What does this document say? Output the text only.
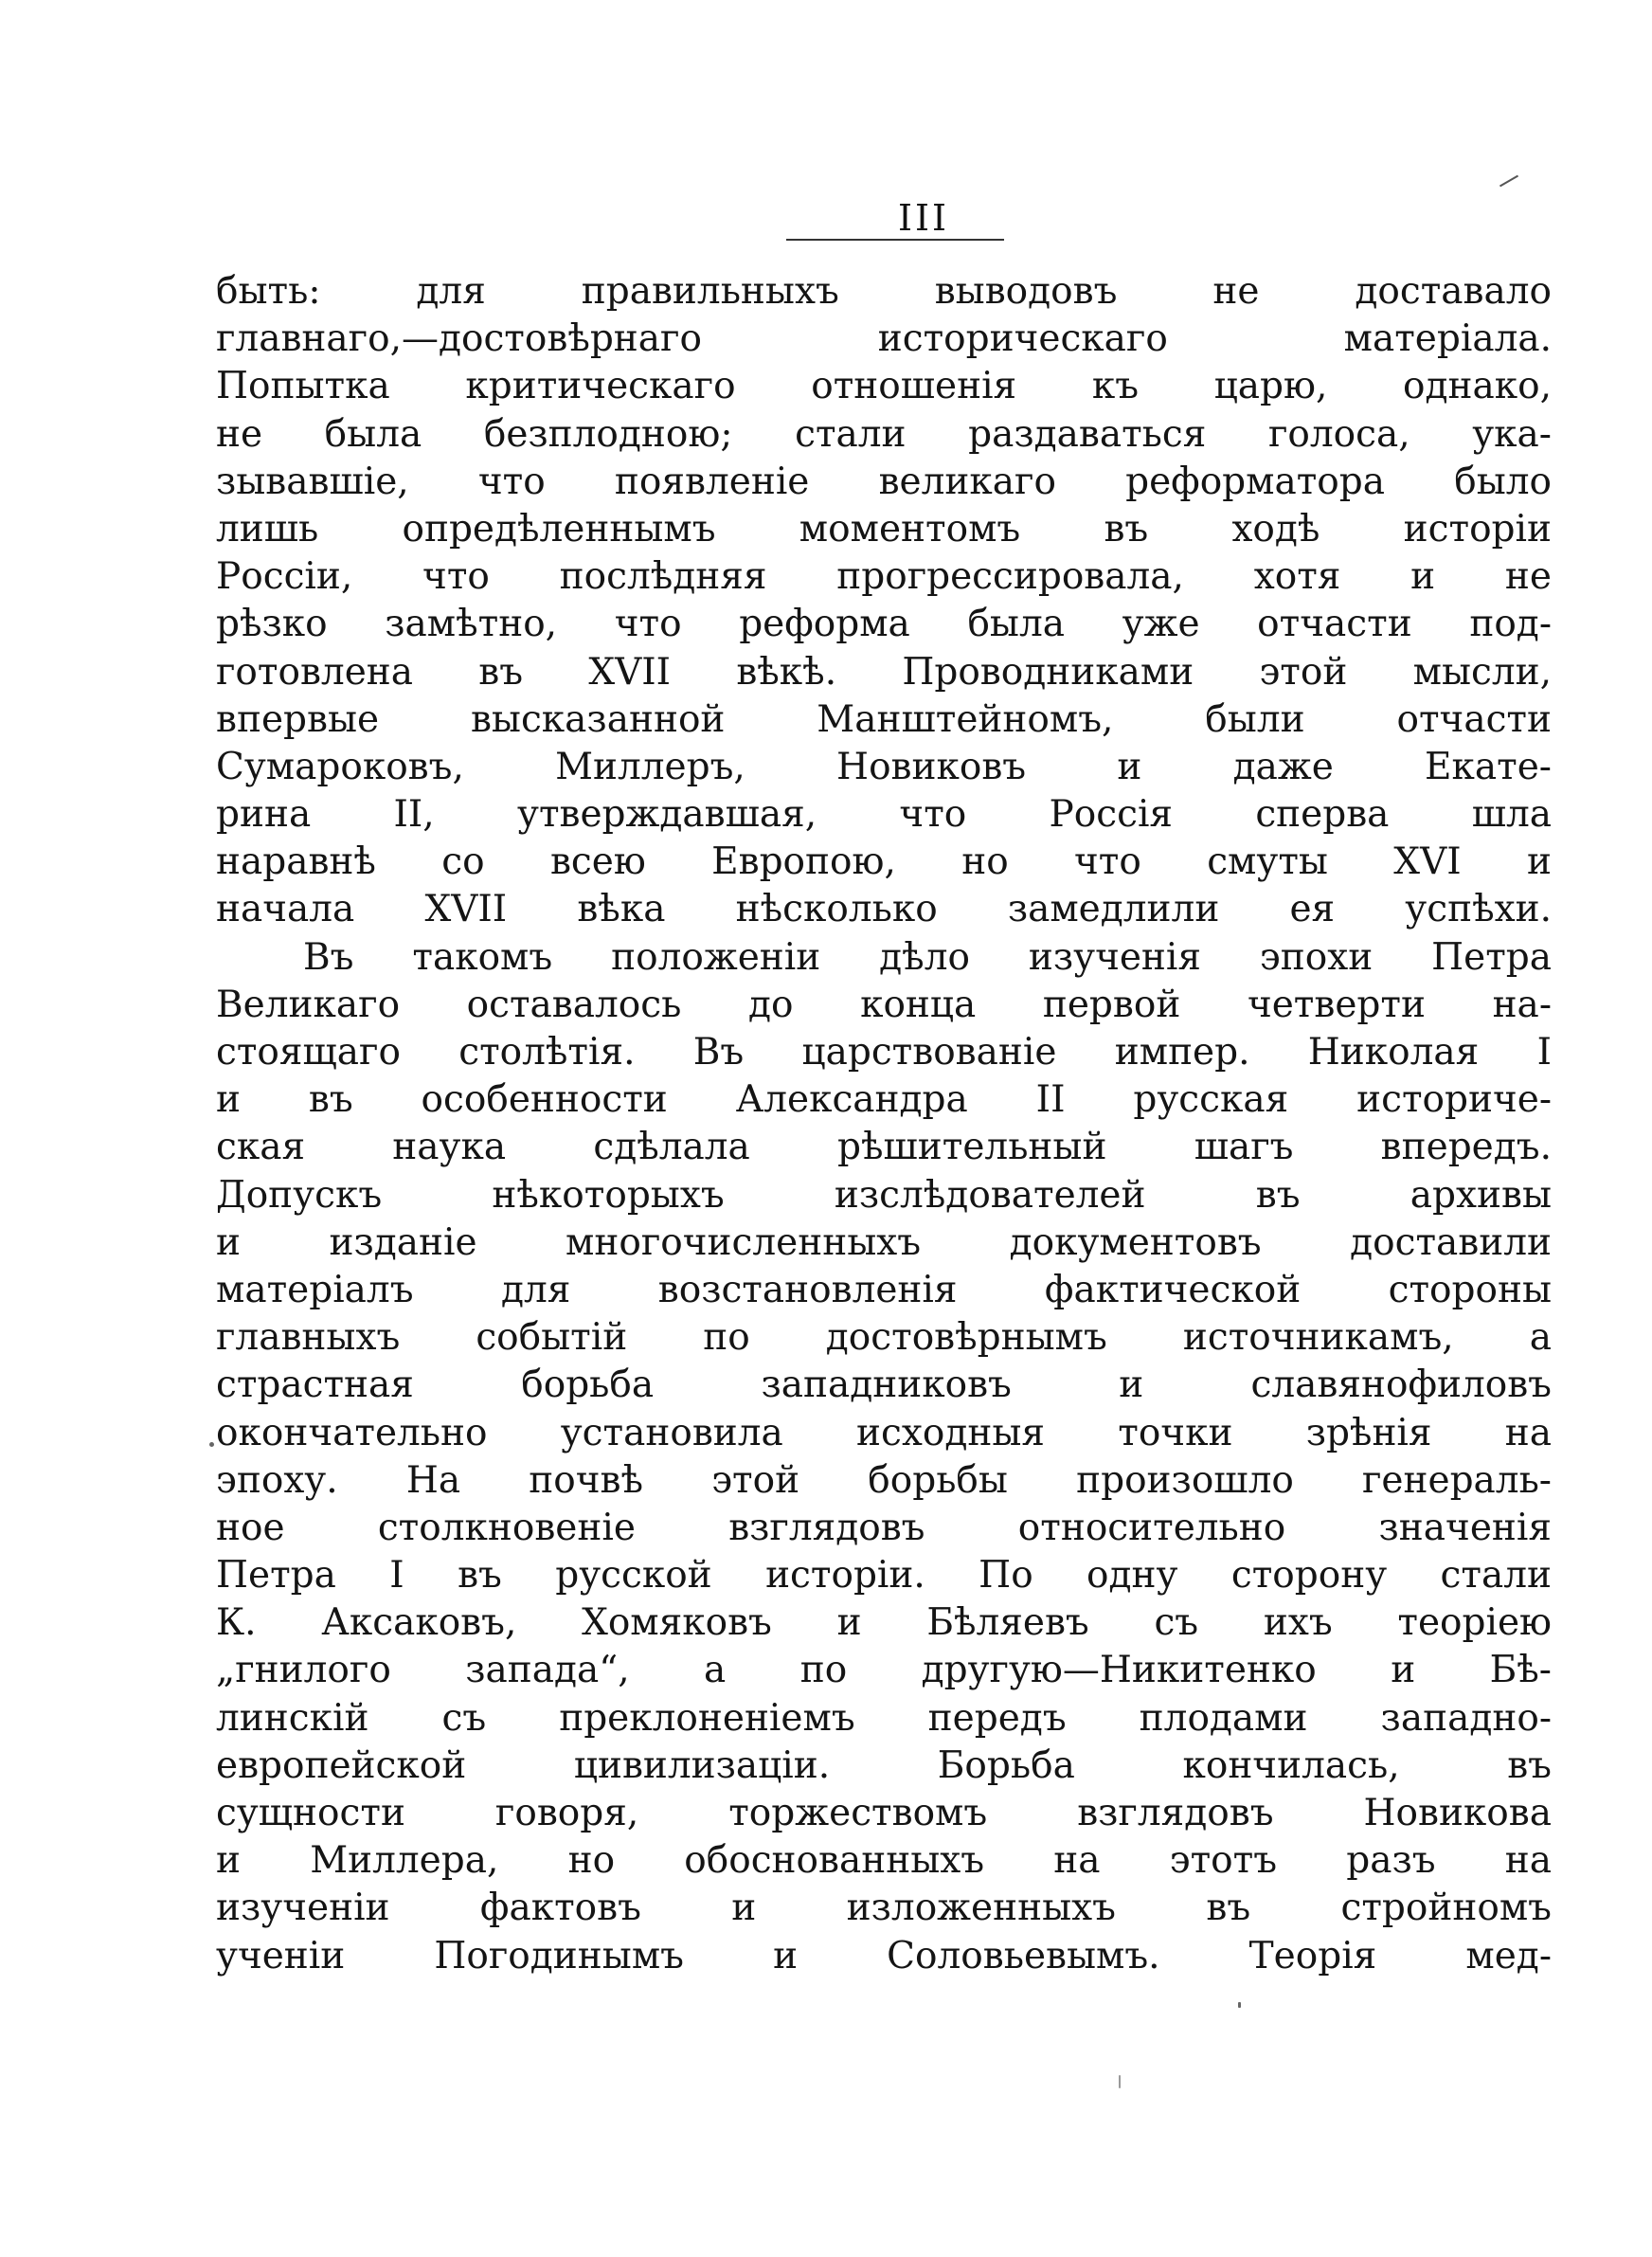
III
быть: для правильныхъ выводовъ не доставало
главнаго,—достовѣрнаго историческаго матеріала.
Попытка критическаго отношенія къ царю, однако,
не была безплодною; стали раздаваться голоса, ука-
зывавшіе, что появленіе великаго реформатора было
лишь опредѣленнымъ моментомъ въ ходѣ исторіи
Россіи, что послѣдняя прогрессировала, хотя и не
рѣзко замѣтно, что реформа была уже отчасти под-
готовлена въ XVII вѣкѣ. Проводниками этой мысли,
впервые высказанной Манштейномъ, были отчасти
Сумароковъ, Миллеръ, Новиковъ и даже Екате-
рина II, утверждавшая, что Россія сперва шла
наравнѣ со всею Европою, но что смуты XVI и
начала XVII вѣка нѣсколько замедлили ея успѣхи.
Въ такомъ положеніи дѣло изученія эпохи Петра
Великаго оставалось до конца первой четверти на-
стоящаго столѣтія. Въ царствованіе импер. Николая I
и въ особенности Александра II русская историче-
ская наука сдѣлала рѣшительный шагъ впередъ.
Допускъ нѣкоторыхъ изслѣдователей въ архивы
и изданіе многочисленныхъ документовъ доставили
матеріалъ для возстановленія фактической стороны
главныхъ событій по достовѣрнымъ источникамъ, а
страстная борьба западниковъ и славянофиловъ
окончательно установила исходныя точки зрѣнія на
эпоху. На почвѣ этой борьбы произошло генераль-
ное столкновеніе взглядовъ относительно значенія
Петра I въ русской исторіи. По одну сторону стали
К. Аксаковъ, Хомяковъ и Бѣляевъ съ ихъ теоріею
„гнилого запада“, а по другую—Никитенко и Бѣ-
линскій съ преклоненіемъ передъ плодами западно-
европейской цивилизаціи. Борьба кончилась, въ
сущности говоря, торжествомъ взглядовъ Новикова
и Миллера, но обоснованныхъ на этотъ разъ на
изученіи фактовъ и изложенныхъ въ стройномъ
ученіи Погодинымъ и Соловьевымъ. Теорія мед-
